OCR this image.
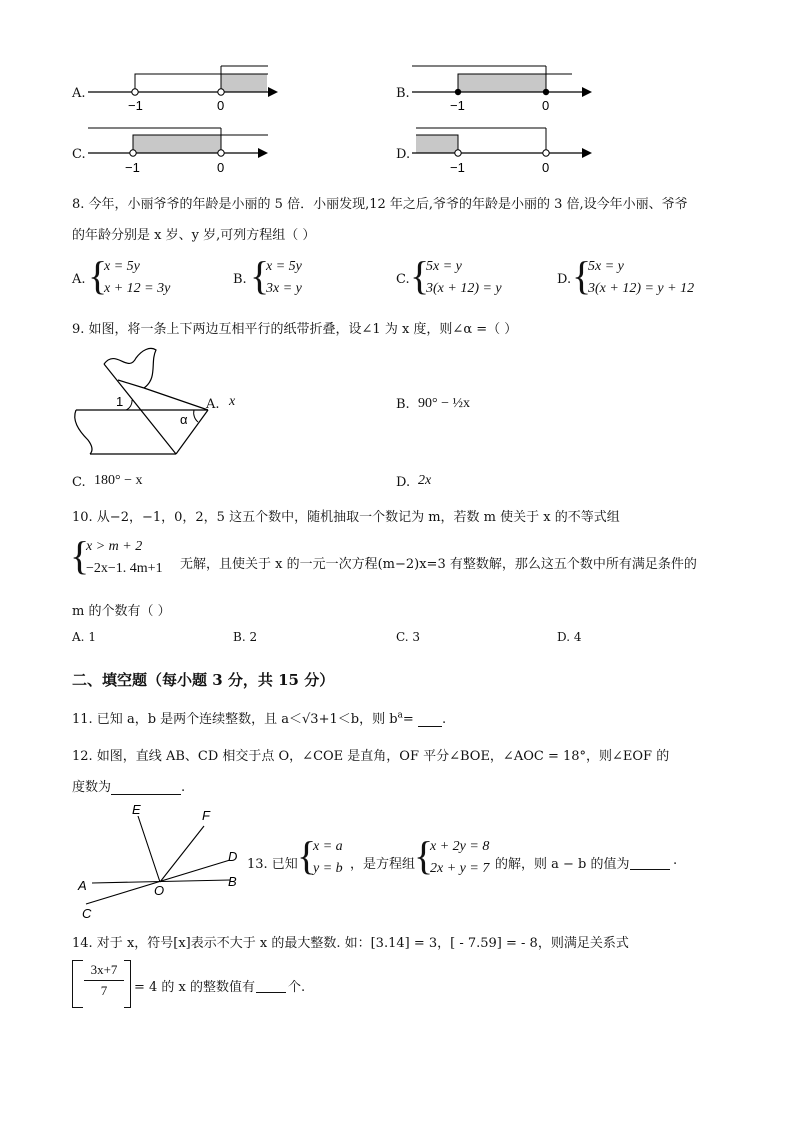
A.
−1	0
B.
−1	0
C.
−1	0
D.
−1	0
8. 今年，小丽爷爷的年龄是小丽的 5 倍．小丽发现,12 年之后,爷爷的年龄是小丽的 3 倍,设今年小丽、爷爷
的年龄分别是 x 岁、y 岁,可列方程组（ ）
A. {
x = 5y
x + 12 = 3y
B. {
x = 5y
3x = y
C. {
5x = y
3(x + 12) = y
D. {
5x = y
3(x + 12) = y + 12
9. 如图，将一条上下两边互相平行的纸带折叠，设∠1 为 x 度，则∠α =（ ）
1
α
A. x	B. 90° − ½x
C. 180° − x	D. 2x
10. 从−2，−1，0，2，5 这五个数中，随机抽取一个数记为 m，若数 m 使关于 x 的不等式组
{
x > m + 2
−2x−1. 4m+1 无解，且使关于 x 的一元一次方程(m−2)x=3 有整数解，那么这五个数中所有满足条件的
m 的个数有（ ）
A. 1	B. 2	C. 3	D. 4
二、填空题（每小题 3 分，共 15 分）
11. 已知 a，b 是两个连续整数，且 a＜√3+1＜b，则 $b^a=$ .
12. 如图，直线 AB、CD 相交于点 O，∠COE 是直角，OF 平分∠BOE，∠AOC = 18°，则∠EOF 的
度数为	.
E	F
D
A	O
B
C
13. 已知 {
x = a
y = b ，是方程组
{
x + 2y = 8
2x + y = 7 的解，则 a − b 的值为	.
14. 对于 x，符号[x]表示不大于 x 的最大整数. 如：[3.14] = 3，[ - 7.59] = - 8，则满足关系式
3x+7
7	= 4 的 x 的整数值有	个.
